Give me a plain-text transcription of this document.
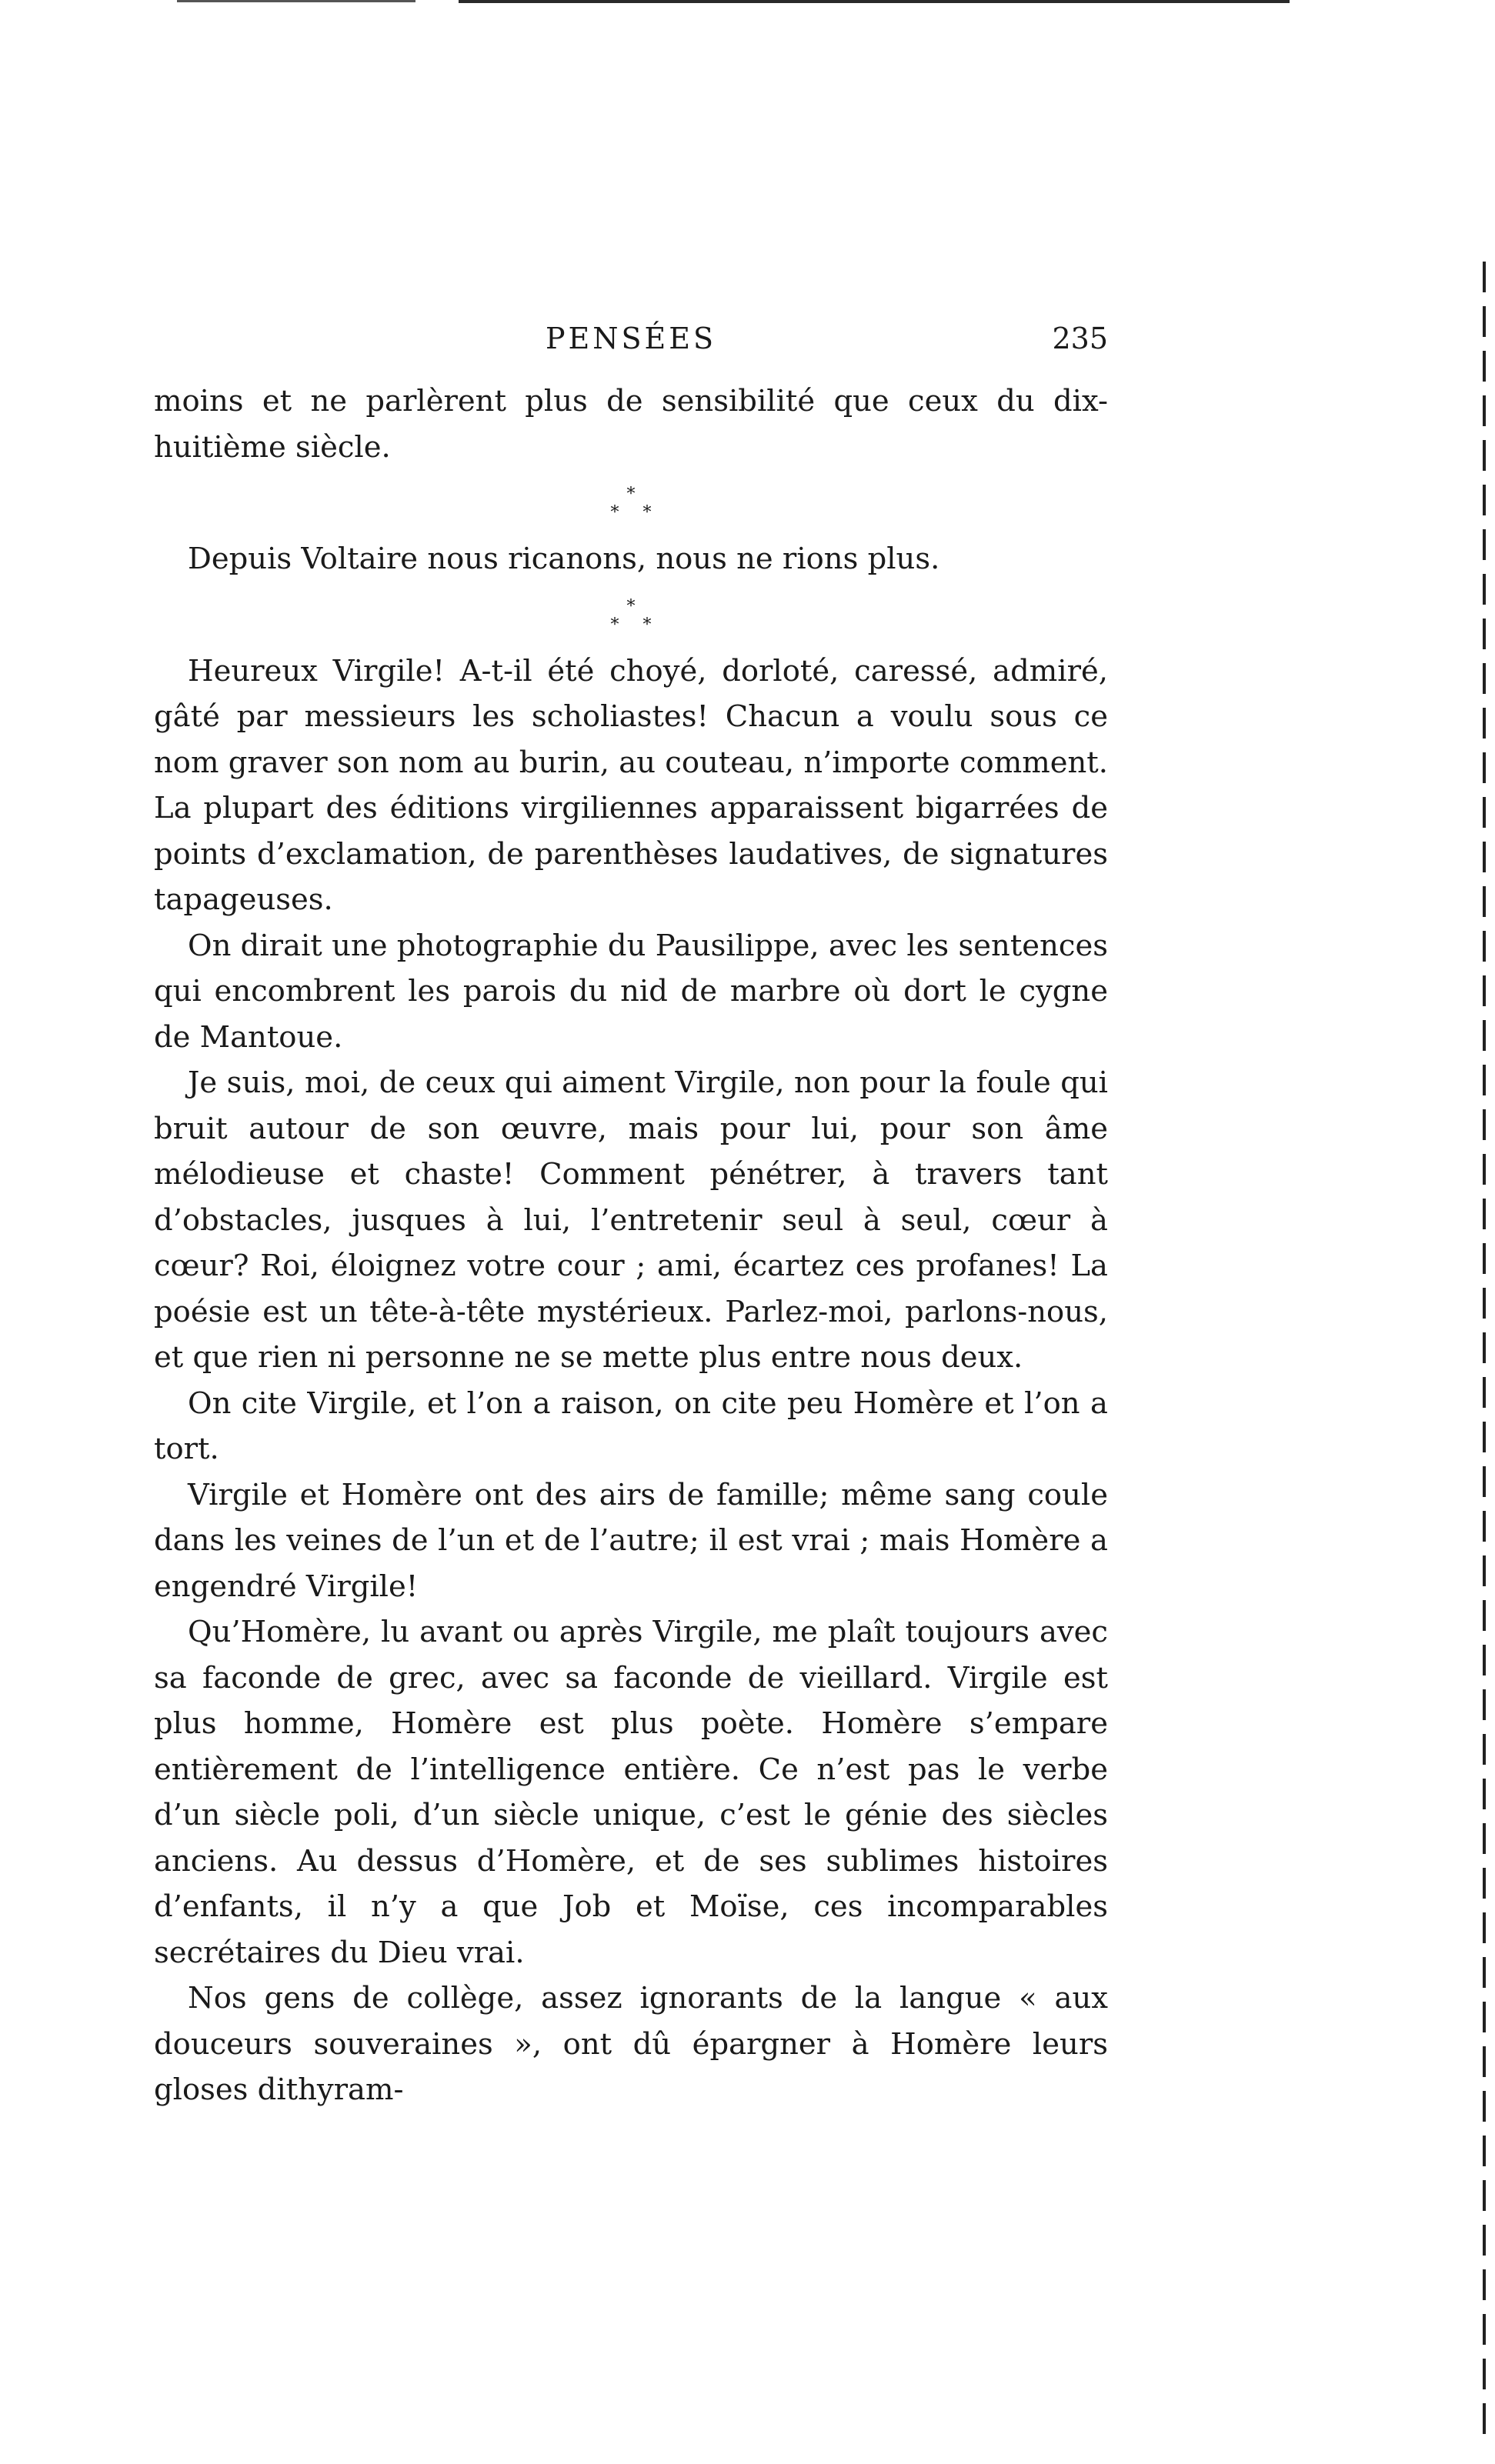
PENSÉES	235

moins et ne parlèrent plus de sensibilité que ceux du dix-huitième siècle.

*
* *

Depuis Voltaire nous ricanons, nous ne rions plus.

*
* *

Heureux Virgile! A-t-il été choyé, dorloté, caressé, admiré, gâté par messieurs les scholiastes! Chacun a voulu sous ce nom graver son nom au burin, au couteau, n’importe comment. La plupart des éditions virgiliennes apparaissent bigarrées de points d’exclamation, de parenthèses laudatives, de signatures tapageuses.

On dirait une photographie du Pausilippe, avec les sentences qui encombrent les parois du nid de marbre où dort le cygne de Mantoue.

Je suis, moi, de ceux qui aiment Virgile, non pour la foule qui bruit autour de son œuvre, mais pour lui, pour son âme mélodieuse et chaste! Comment pénétrer, à travers tant d’obstacles, jusques à lui, l’entretenir seul à seul, cœur à cœur? Roi, éloignez votre cour ; ami, écartez ces profanes! La poésie est un tête-à-tête mystérieux. Parlez-moi, parlons-nous, et que rien ni personne ne se mette plus entre nous deux.

On cite Virgile, et l’on a raison, on cite peu Homère et l’on a tort.

Virgile et Homère ont des airs de famille; même sang coule dans les veines de l’un et de l’autre; il est vrai ; mais Homère a engendré Virgile!

Qu’Homère, lu avant ou après Virgile, me plaît toujours avec sa faconde de grec, avec sa faconde de vieillard. Virgile est plus homme, Homère est plus poète. Homère s’empare entièrement de l’intelligence entière. Ce n’est pas le verbe d’un siècle poli, d’un siècle unique, c’est le génie des siècles anciens. Au dessus d’Homère, et de ses sublimes histoires d’enfants, il n’y a que Job et Moïse, ces incomparables secrétaires du Dieu vrai.

Nos gens de collège, assez ignorants de la langue « aux douceurs souveraines », ont dû épargner à Homère leurs gloses dithyram-
